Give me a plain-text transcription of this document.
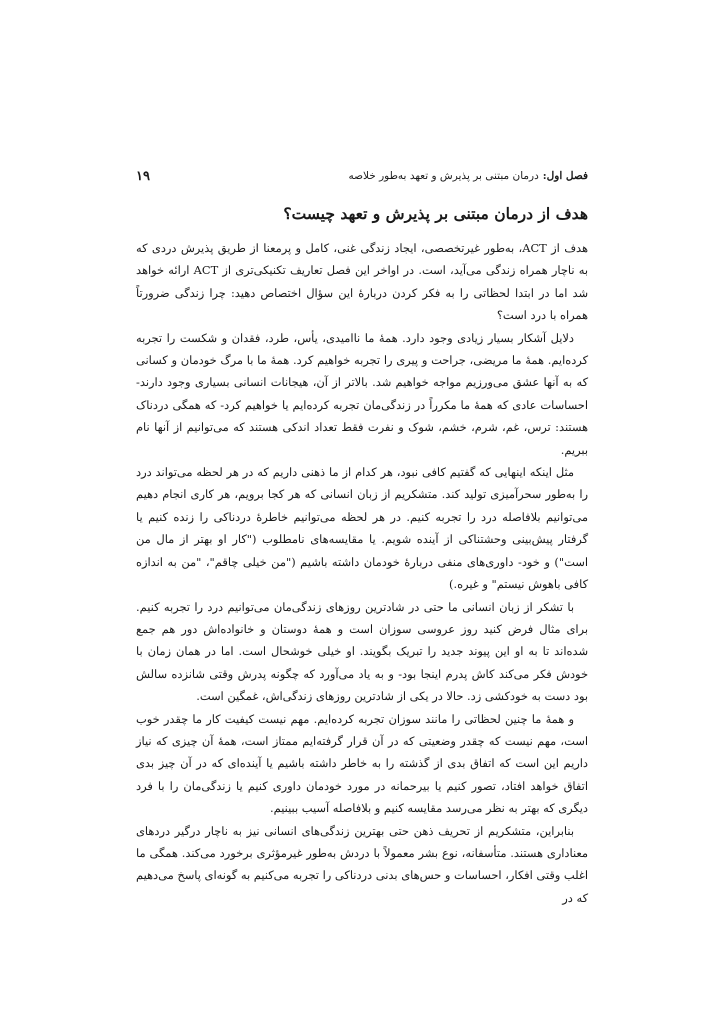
فصل اول:
درمان مبتنی بر پذیرش و تعهد به‌طور خلاصه
۱۹
هدف از درمان مبتنی بر پذیرش و تعهد چیست؟

هدف از ACT، به‌طور غیرتخصصی، ایجاد زندگی غنی، کامل و پرمعنا از طریق پذیرش دردی که به ناچار همراه زندگی می‌آید، است. در اواخر این فصل تعاریف تکنیکی‌تری از ACT ارائه خواهد شد اما در ابتدا لحظاتی را به فکر کردن دربارهٔ این سؤال اختصاص دهید: چرا زندگی ضرورتاً همراه با درد است؟

دلایل آشکار بسیار زیادی وجود دارد. همهٔ ما ناامیدی، یأس، طرد، فقدان و شکست را تجربه کرده‌ایم. همهٔ ما مریضی، جراحت و پیری را تجربه خواهیم کرد. همهٔ ما با مرگ خودمان و کسانی که به آنها عشق می‌ورزیم مواجه خواهیم شد. بالاتر از آن، هیجانات انسانی بسیاری وجود دارند- احساسات عادی که همهٔ ما مکرراً در زندگی‌مان تجربه کرده‌ایم یا خواهیم کرد- که همگی دردناک هستند: ترس، غم، شرم، خشم، شوک و نفرت فقط تعداد اندکی هستند که می‌توانیم از آنها نام ببریم.

مثل اینکه اینهایی که گفتیم کافی نبود، هر کدام از ما ذهنی داریم که در هر لحظه می‌تواند درد را به‌طور سحرآمیزی تولید کند. متشکریم از زبان انسانی که هر کجا برویم، هر کاری انجام دهیم می‌توانیم بلافاصله درد را تجربه کنیم. در هر لحظه می‌توانیم خاطرهٔ دردناکی را زنده کنیم یا گرفتار پیش‌بینی وحشتناکی از آینده شویم. یا مقایسه‌های نامطلوب ("کار او بهتر از مال من است") و خود- داوری‌های منفی دربارهٔ خودمان داشته باشیم ("من خیلی چاقم"، "من به اندازه کافی باهوش نیستم" و غیره.)

با تشکر از زبان انسانی ما حتی در شادترین روزهای زندگی‌مان می‌توانیم درد را تجربه کنیم. برای مثال فرض کنید روز عروسی سوزان است و همهٔ دوستان و خانواده‌اش دور هم جمع شده‌اند تا به او این پیوند جدید را تبریک بگویند. او خیلی خوشحال است. اما در همان زمان با خودش فکر می‌کند کاش پدرم اینجا بود- و به یاد می‌آورد که چگونه پدرش وقتی شانزده سالش بود دست به خودکشی زد. حالا در یکی از شادترین روزهای زندگی‌اش، غمگین است.

و همهٔ ما چنین لحظاتی را مانند سوزان تجربه کرده‌ایم. مهم نیست کیفیت کار ما چقدر خوب است، مهم نیست که چقدر وضعیتی که در آن قرار گرفته‌ایم ممتاز است، همهٔ آن چیزی که نیاز داریم این است که اتفاق بدی از گذشته را به خاطر داشته باشیم یا آینده‌ای که در آن چیز بدی اتفاق خواهد افتاد، تصور کنیم یا بیرحمانه در مورد خودمان داوری کنیم یا زندگی‌مان را با فرد دیگری که بهتر به نظر می‌رسد مقایسه کنیم و بلافاصله آسیب ببینیم.

بنابراین، متشکریم از تحریف ذهن حتی بهترین زندگی‌های انسانی نیز به ناچار درگیر دردهای معناداری هستند. متأسفانه، نوع بشر معمولاً با دردش به‌طور غیرمؤثری برخورد می‌کند. همگی ما اغلب وقتی افکار، احساسات و حس‌های بدنی دردناکی را تجربه می‌کنیم به گونه‌ای پاسخ می‌دهیم که در
